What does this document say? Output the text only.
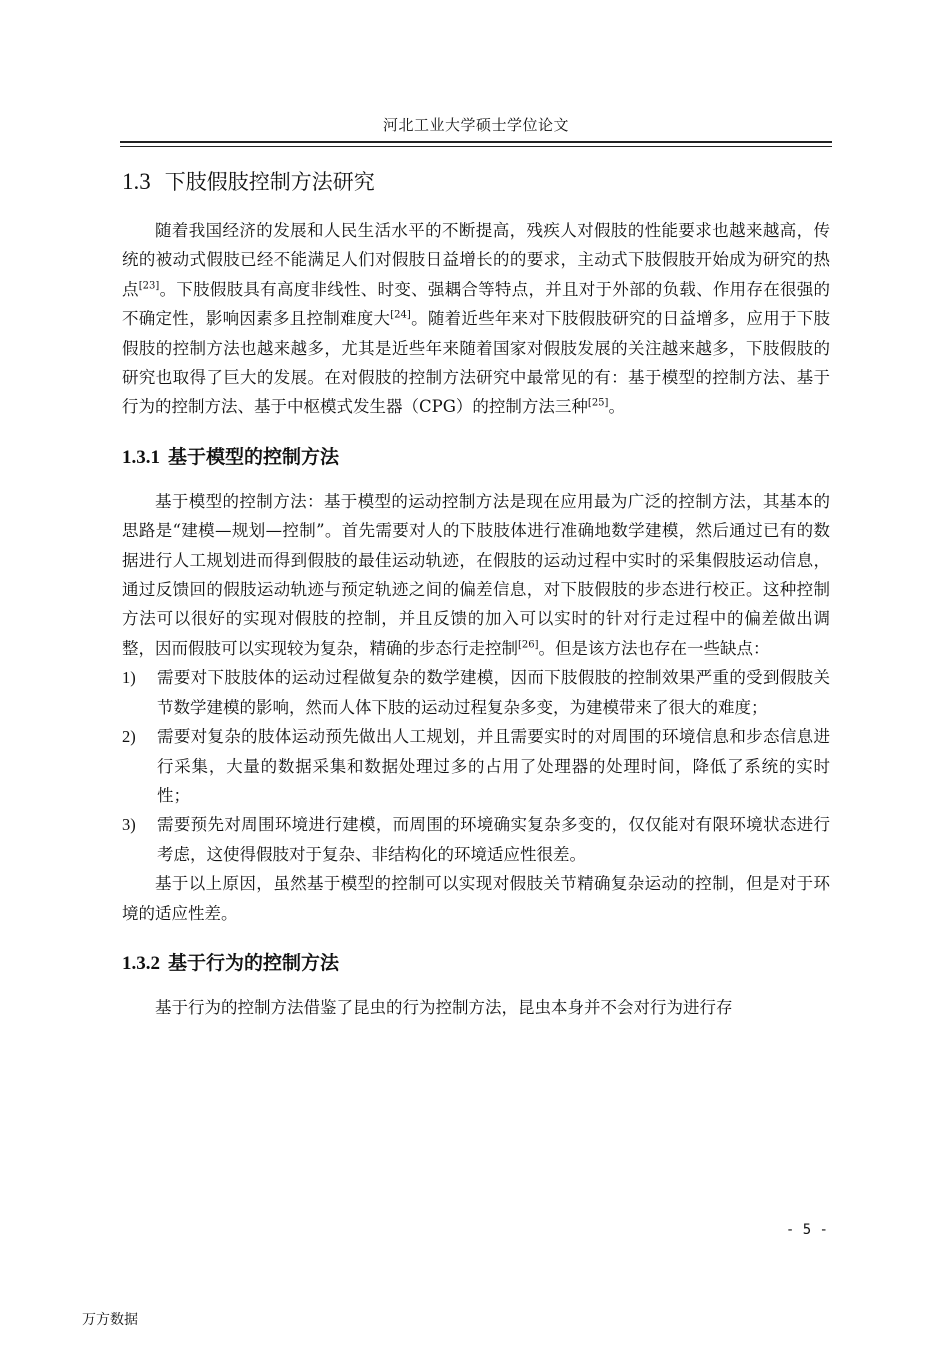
河北工业大学硕士学位论文
1.3 下肢假肢控制方法研究

随着我国经济的发展和人民生活水平的不断提高，残疾人对假肢的性能要求也越来越高，传统的被动式假肢已经不能满足人们对假肢日益增长的的要求，主动式下肢假肢开始成为研究的热点[23]。下肢假肢具有高度非线性、时变、强耦合等特点，并且对于外部的负载、作用存在很强的不确定性，影响因素多且控制难度大[24]。随着近些年来对下肢假肢研究的日益增多，应用于下肢假肢的控制方法也越来越多，尤其是近些年来随着国家对假肢发展的关注越来越多，下肢假肢的研究也取得了巨大的发展。在对假肢的控制方法研究中最常见的有：基于模型的控制方法、基于行为的控制方法、基于中枢模式发生器（CPG）的控制方法三种[25]。

1.3.1 基于模型的控制方法

基于模型的控制方法：基于模型的运动控制方法是现在应用最为广泛的控制方法，其基本的思路是“建模—规划—控制”。首先需要对人的下肢肢体进行准确地数学建模，然后通过已有的数据进行人工规划进而得到假肢的最佳运动轨迹，在假肢的运动过程中实时的采集假肢运动信息，通过反馈回的假肢运动轨迹与预定轨迹之间的偏差信息，对下肢假肢的步态进行校正。这种控制方法可以很好的实现对假肢的控制，并且反馈的加入可以实时的针对行走过程中的偏差做出调整，因而假肢可以实现较为复杂，精确的步态行走控制[26]。但是该方法也存在一些缺点：

1) 需要对下肢肢体的运动过程做复杂的数学建模，因而下肢假肢的控制效果严重的受到假肢关节数学建模的影响，然而人体下肢的运动过程复杂多变，为建模带来了很大的难度；
2) 需要对复杂的肢体运动预先做出人工规划，并且需要实时的对周围的环境信息和步态信息进行采集，大量的数据采集和数据处理过多的占用了处理器的处理时间，降低了系统的实时性；
3) 需要预先对周围环境进行建模，而周围的环境确实复杂多变的，仅仅能对有限环境状态进行考虑，这使得假肢对于复杂、非结构化的环境适应性很差。

基于以上原因，虽然基于模型的控制可以实现对假肢关节精确复杂运动的控制，但是对于环境的适应性差。

1.3.2 基于行为的控制方法

基于行为的控制方法借鉴了昆虫的行为控制方法，昆虫本身并不会对行为进行存

- 5 -
万方数据
